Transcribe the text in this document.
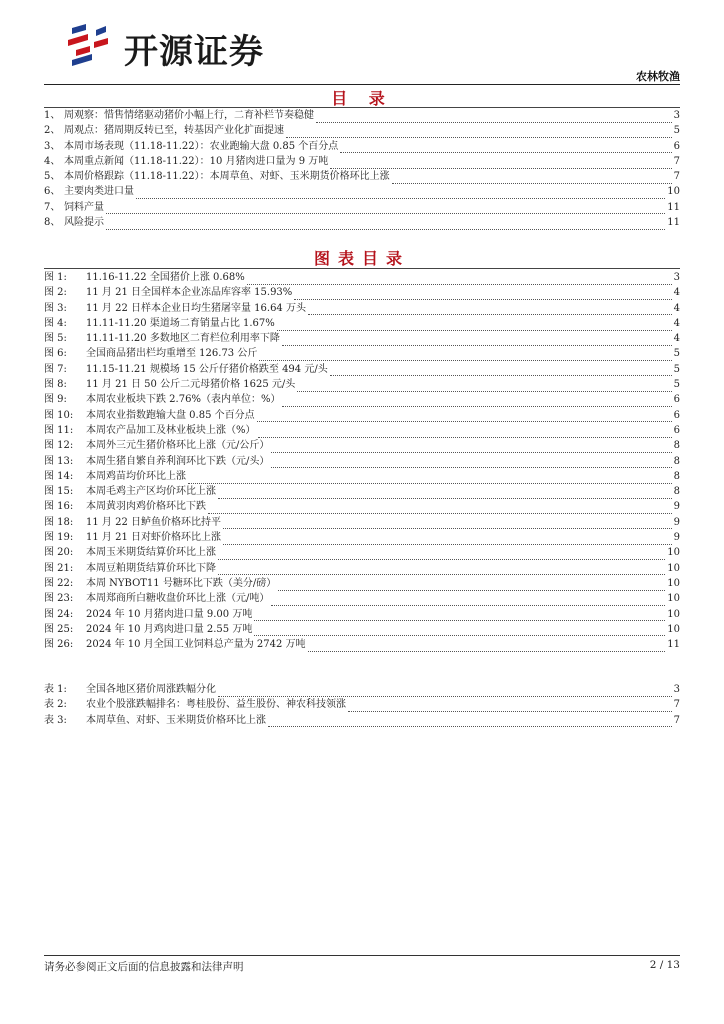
开源证券
农林牧渔
目 录
1、 周观察：惜售情绪驱动猪价小幅上行，二育补栏节奏稳健	3
2、 周观点：猪周期反转已至，转基因产业化扩面提速	5
3、 本周市场表现（11.18-11.22）：农业跑输大盘 0.85 个百分点	6
4、 本周重点新闻（11.18-11.22）：10 月猪肉进口量为 9 万吨	7
5、 本周价格跟踪（11.18-11.22）：本周草鱼、对虾、玉米期货价格环比上涨	7
6、 主要肉类进口量	10
7、 饲料产量	11
8、 风险提示	11
图表目录
图 1:	11.16-11.22 全国猪价上涨 0.68%	3
图 2:	11 月 21 日全国样本企业冻品库容率 15.93%	4
图 3:	11 月 22 日样本企业日均生猪屠宰量 16.64 万头	4
图 4:	11.11-11.20 渠道场二育销量占比 1.67%	4
图 5:	11.11-11.20 多数地区二育栏位利用率下降	4
图 6:	全国商品猪出栏均重增至 126.73 公斤	5
图 7:	11.15-11.21 规模场 15 公斤仔猪价格跌至 494 元/头	5
图 8:	11 月 21 日 50 公斤二元母猪价格 1625 元/头	5
图 9:	本周农业板块下跌 2.76%（表内单位：%）	6
图 10:	本周农业指数跑输大盘 0.85 个百分点	6
图 11:	本周农产品加工及林业板块上涨（%）	6
图 12:	本周外三元生猪价格环比上涨（元/公斤）	8
图 13:	本周生猪自繁自养利润环比下跌（元/头）	8
图 14:	本周鸡苗均价环比上涨	8
图 15:	本周毛鸡主产区均价环比上涨	8
图 16:	本周黄羽肉鸡价格环比下跌	9
图 18:	11 月 22 日鲈鱼价格环比持平	9
图 19:	11 月 21 日对虾价格环比上涨	9
图 20:	本周玉米期货结算价环比上涨	10
图 21:	本周豆粕期货结算价环比下降	10
图 22:	本周 NYBOT11 号糖环比下跌（美分/磅）	10
图 23:	本周郑商所白糖收盘价环比上涨（元/吨）	10
图 24:	2024 年 10 月猪肉进口量 9.00 万吨	10
图 25:	2024 年 10 月鸡肉进口量 2.55 万吨	10
图 26:	2024 年 10 月全国工业饲料总产量为 2742 万吨	11
表 1:	全国各地区猪价周涨跌幅分化	3
表 2:	农业个股涨跌幅排名：粤桂股份、益生股份、神农科技领涨	7
表 3:	本周草鱼、对虾、玉米期货价格环比上涨	7
请务必参阅正文后面的信息披露和法律声明	2 / 13
